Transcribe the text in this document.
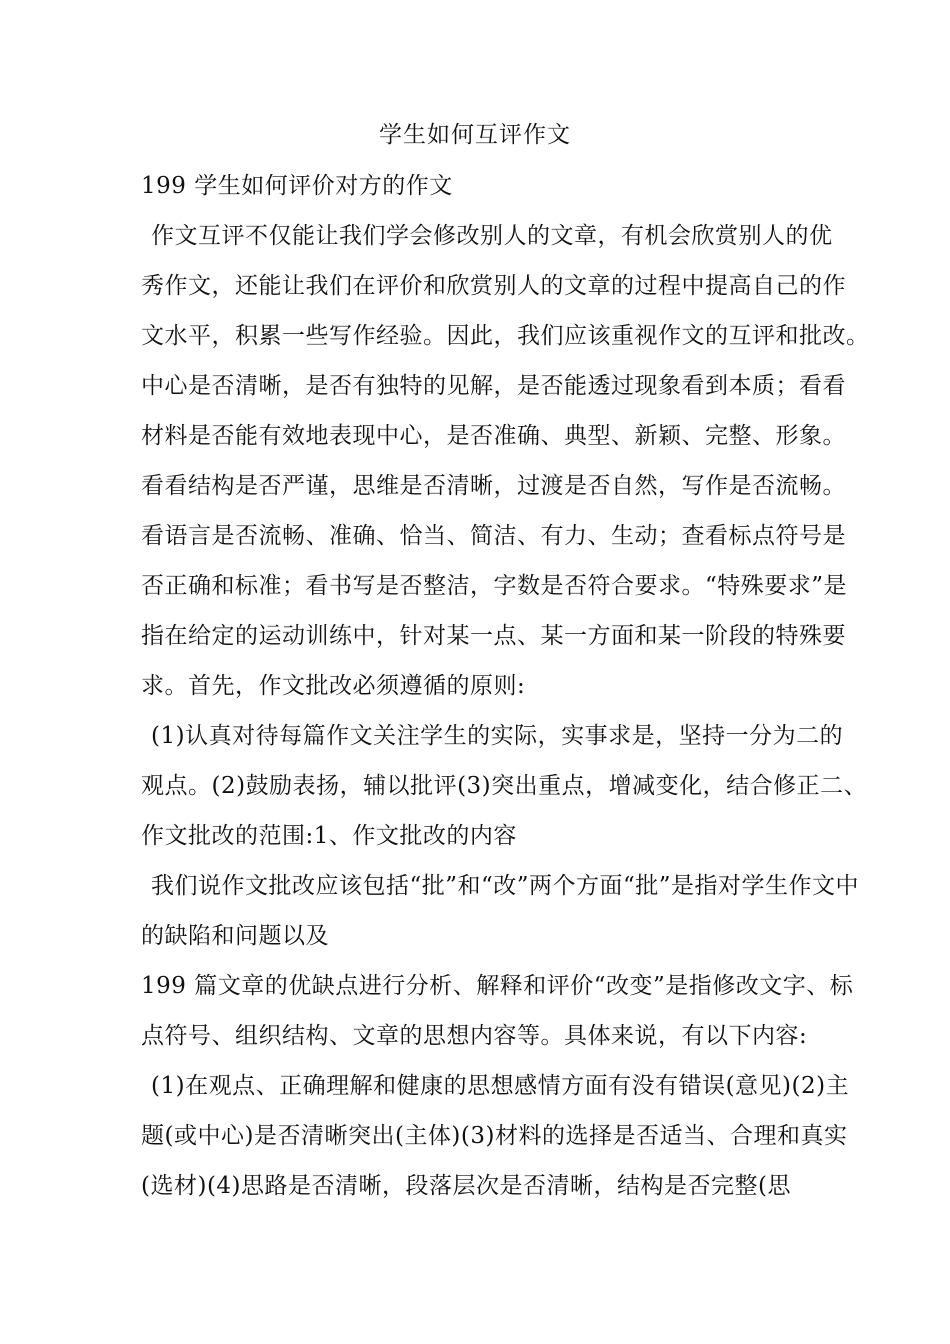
学生如何互评作文
199 学生如何评价对方的作文
作文互评不仅能让我们学会修改别人的文章，有机会欣赏别人的优
秀作文，还能让我们在评价和欣赏别人的文章的过程中提高自己的作
文水平，积累一些写作经验。因此，我们应该重视作文的互评和批改。
中心是否清晰，是否有独特的见解，是否能透过现象看到本质；看看
材料是否能有效地表现中心，是否准确、典型、新颖、完整、形象。
看看结构是否严谨，思维是否清晰，过渡是否自然，写作是否流畅。
看语言是否流畅、准确、恰当、简洁、有力、生动；查看标点符号是
否正确和标准；看书写是否整洁，字数是否符合要求。“特殊要求”是
指在给定的运动训练中，针对某一点、某一方面和某一阶段的特殊要
求。首先，作文批改必须遵循的原则:
(1)认真对待每篇作文关注学生的实际，实事求是，坚持一分为二的
观点。(2)鼓励表扬，辅以批评(3)突出重点，增减变化，结合修正二、
作文批改的范围:1、作文批改的内容
我们说作文批改应该包括“批”和“改”两个方面“批”是指对学生作文中
的缺陷和问题以及
199 篇文章的优缺点进行分析、解释和评价“改变”是指修改文字、标
点符号、组织结构、文章的思想内容等。具体来说，有以下内容:
(1)在观点、正确理解和健康的思想感情方面有没有错误(意见)(2)主
题(或中心)是否清晰突出(主体)(3)材料的选择是否适当、合理和真实
(选材)(4)思路是否清晰，段落层次是否清晰，结构是否完整(思
